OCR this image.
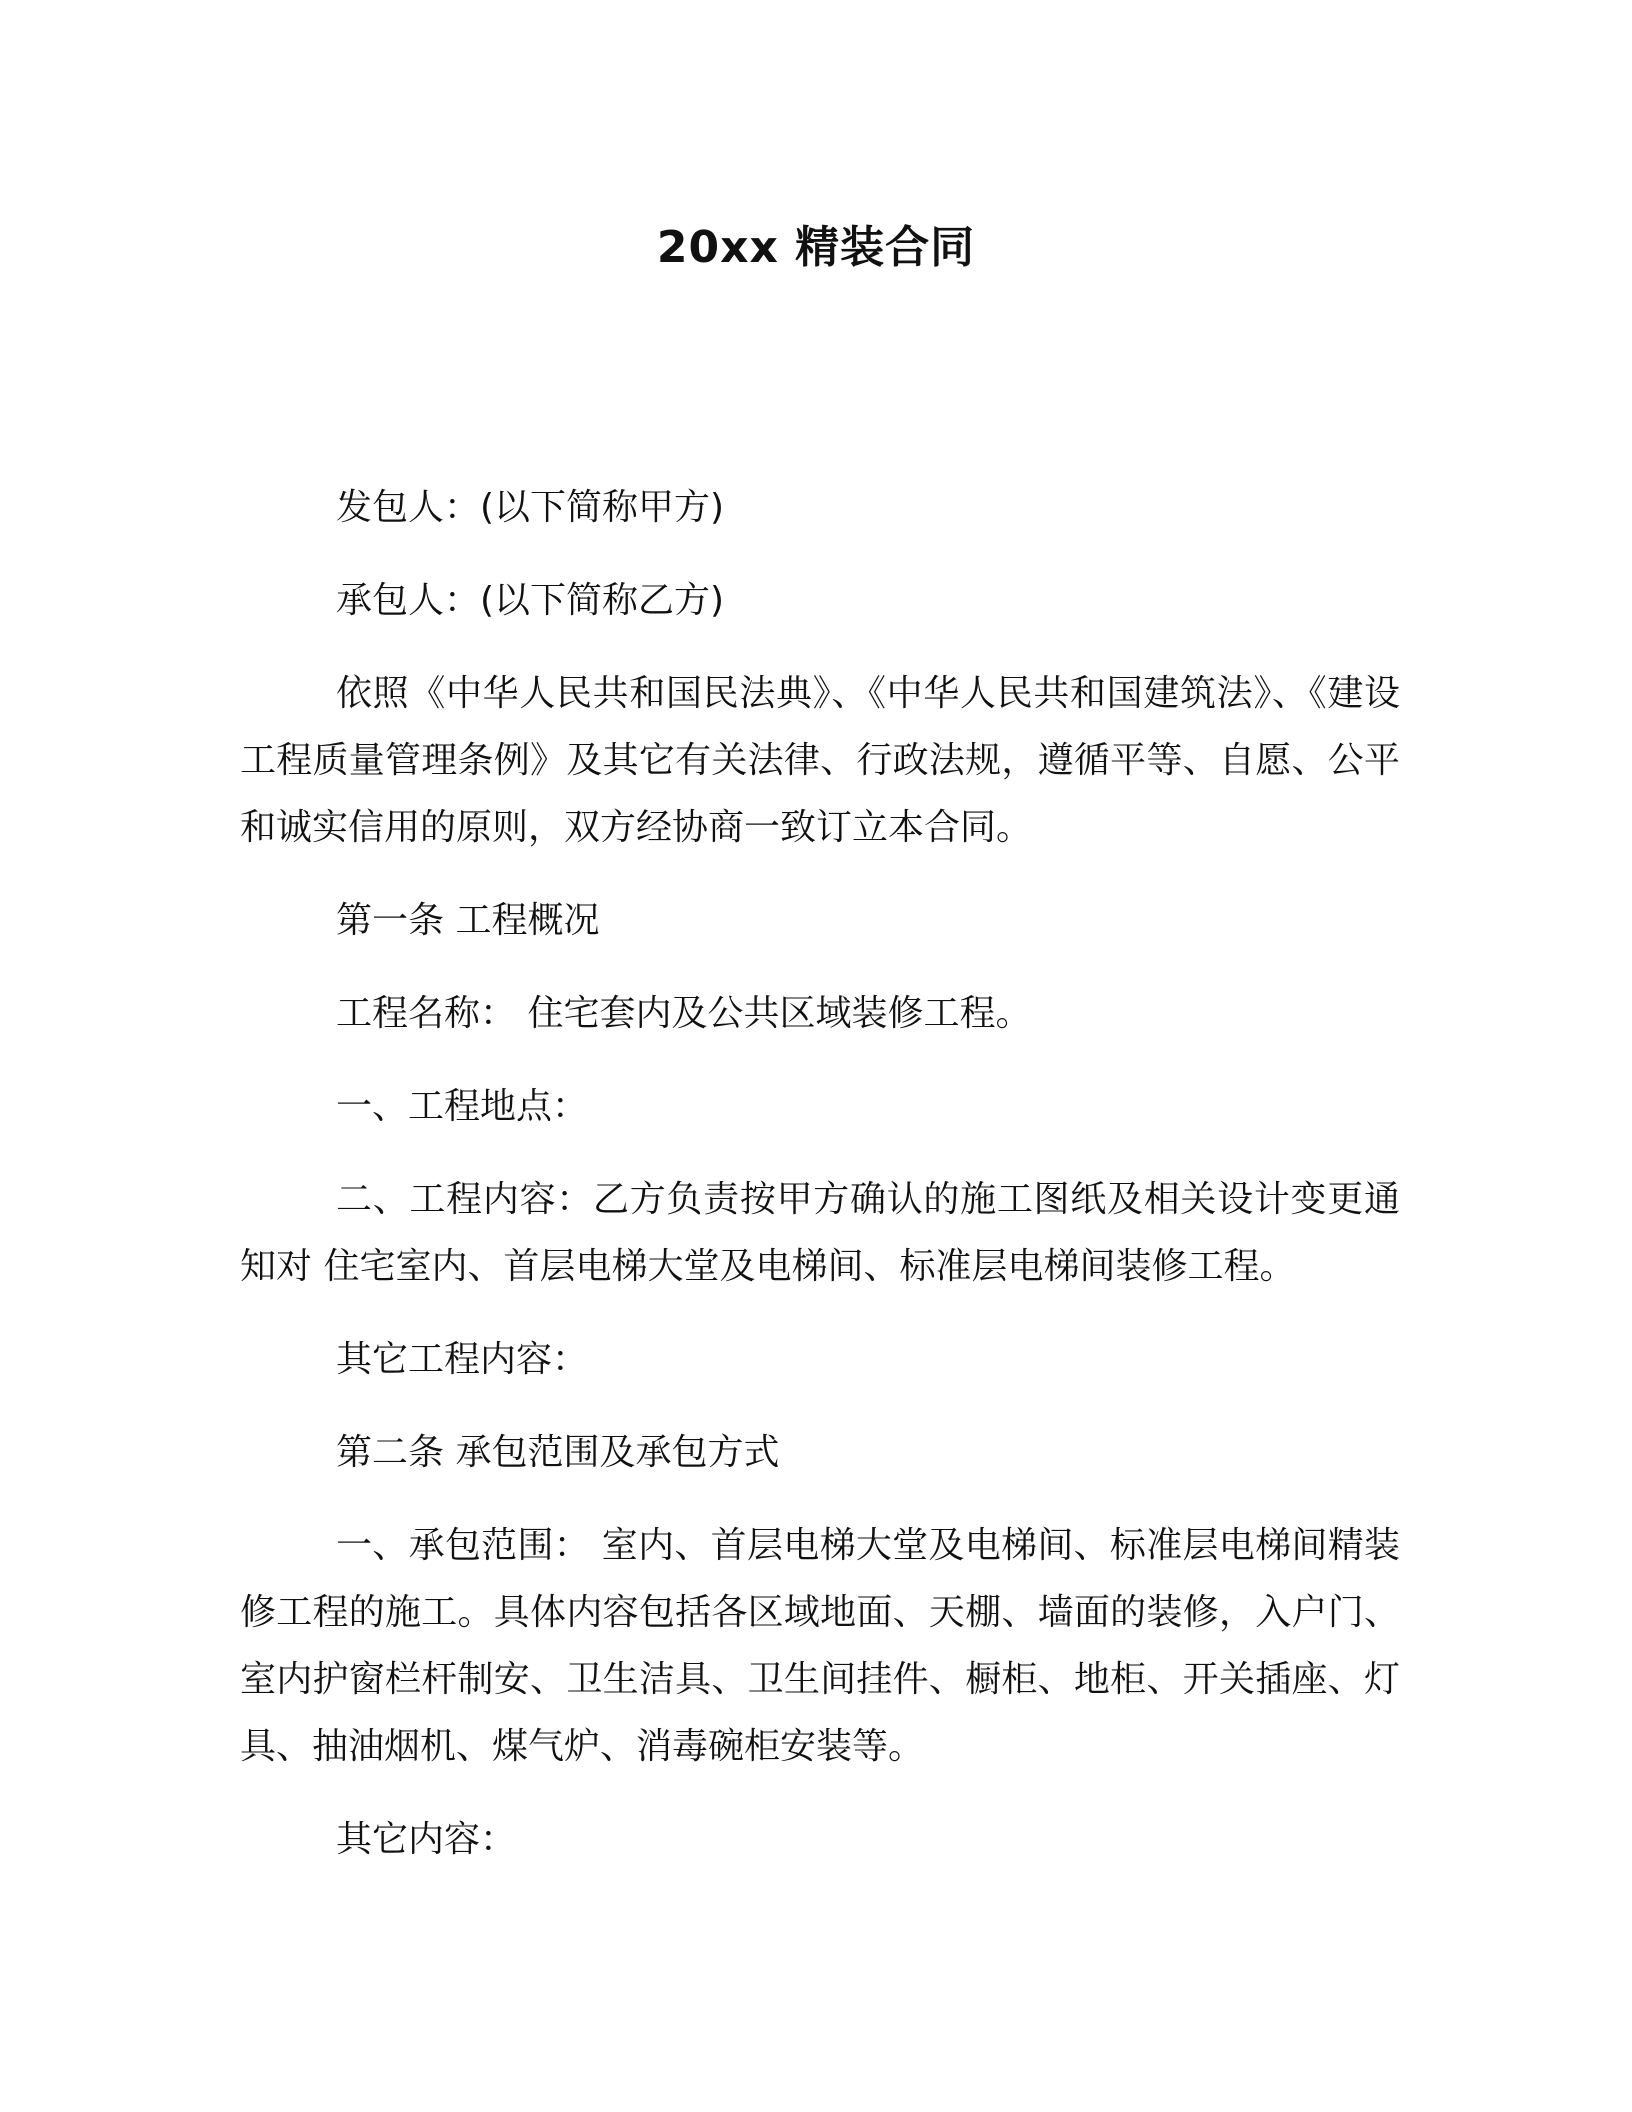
20xx 精装合同

发包人：(以下简称甲方)

承包人：(以下简称乙方)

依照《中华人民共和国民法典》、《中华人民共和国建筑法》、《建设工程质量管理条例》及其它有关法律、行政法规，遵循平等、自愿、公平和诚实信用的原则，双方经协商一致订立本合同。

第一条 工程概况

工程名称： 住宅套内及公共区域装修工程。

一、工程地点：

二、工程内容：乙方负责按甲方确认的施工图纸及相关设计变更通知对 住宅室内、首层电梯大堂及电梯间、标准层电梯间装修工程。

其它工程内容：

第二条 承包范围及承包方式

一、承包范围： 室内、首层电梯大堂及电梯间、标准层电梯间精装修工程的施工。具体内容包括各区域地面、天棚、墙面的装修，入户门、室内护窗栏杆制安、卫生洁具、卫生间挂件、橱柜、地柜、开关插座、灯具、抽油烟机、煤气炉、消毒碗柜安装等。

其它内容：
